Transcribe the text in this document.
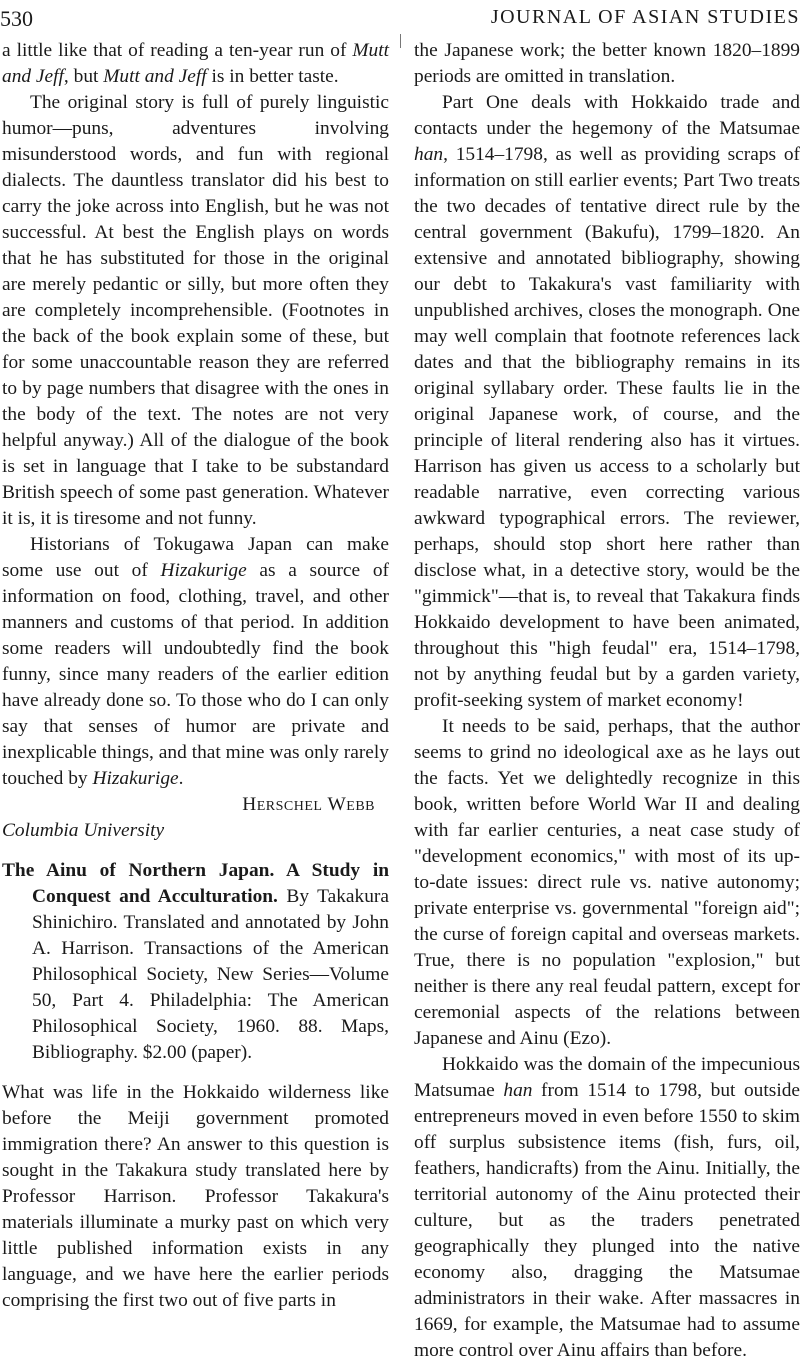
530	JOURNAL OF ASIAN STUDIES

a little like that of reading a ten-year run of Mutt and Jeff, but Mutt and Jeff is in better taste.

The original story is full of purely linguistic humor—puns, adventures involving misunderstood words, and fun with regional dialects. The dauntless translator did his best to carry the joke across into English, but he was not successful. At best the English plays on words that he has substituted for those in the original are merely pedantic or silly, but more often they are completely incomprehensible. (Footnotes in the back of the book explain some of these, but for some unaccountable reason they are referred to by page numbers that disagree with the ones in the body of the text. The notes are not very helpful anyway.) All of the dialogue of the book is set in language that I take to be substandard British speech of some past generation. Whatever it is, it is tiresome and not funny.

Historians of Tokugawa Japan can make some use out of Hizakurige as a source of information on food, clothing, travel, and other manners and customs of that period. In addition some readers will undoubtedly find the book funny, since many readers of the earlier edition have already done so. To those who do I can only say that senses of humor are private and inexplicable things, and that mine was only rarely touched by Hizakurige.

Herschel Webb

Columbia University

The Ainu of Northern Japan. A Study in Conquest and Acculturation. By Takakura Shinichiro. Translated and annotated by John A. Harrison. Transactions of the American Philosophical Society, New Series—Volume 50, Part 4. Philadelphia: The American Philosophical Society, 1960. 88. Maps, Bibliography. $2.00 (paper).

What was life in the Hokkaido wilderness like before the Meiji government promoted immigration there? An answer to this question is sought in the Takakura study translated here by Professor Harrison. Professor Takakura's materials illuminate a murky past on which very little published information exists in any language, and we have here the earlier periods comprising the first two out of five parts in

the Japanese work; the better known 1820–1899 periods are omitted in translation.

Part One deals with Hokkaido trade and contacts under the hegemony of the Matsumae han, 1514–1798, as well as providing scraps of information on still earlier events; Part Two treats the two decades of tentative direct rule by the central government (Bakufu), 1799–1820. An extensive and annotated bibliography, showing our debt to Takakura's vast familiarity with unpublished archives, closes the monograph. One may well complain that footnote references lack dates and that the bibliography remains in its original syllabary order. These faults lie in the original Japanese work, of course, and the principle of literal rendering also has it virtues. Harrison has given us access to a scholarly but readable narrative, even correcting various awkward typographical errors. The reviewer, perhaps, should stop short here rather than disclose what, in a detective story, would be the "gimmick"—that is, to reveal that Takakura finds Hokkaido development to have been animated, throughout this "high feudal" era, 1514–1798, not by anything feudal but by a garden variety, profit-seeking system of market economy!

It needs to be said, perhaps, that the author seems to grind no ideological axe as he lays out the facts. Yet we delightedly recognize in this book, written before World War II and dealing with far earlier centuries, a neat case study of "development economics," with most of its up-to-date issues: direct rule vs. native autonomy; private enterprise vs. governmental "foreign aid"; the curse of foreign capital and overseas markets. True, there is no population "explosion," but neither is there any real feudal pattern, except for ceremonial aspects of the relations between Japanese and Ainu (Ezo).

Hokkaido was the domain of the impecunious Matsumae han from 1514 to 1798, but outside entrepreneurs moved in even before 1550 to skim off surplus subsistence items (fish, furs, oil, feathers, handicrafts) from the Ainu. Initially, the territorial autonomy of the Ainu protected their culture, but as the traders penetrated geographically they plunged into the native economy also, dragging the Matsumae administrators in their wake. After massacres in 1669, for example, the Matsumae had to assume more control over Ainu affairs than before.
